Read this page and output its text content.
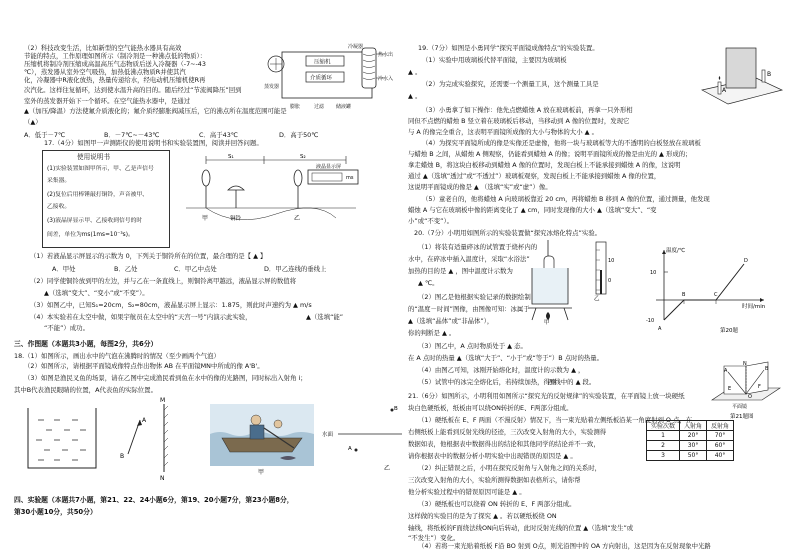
（2）科技改变生活，比如新型的空气能热水器具有高效
节能的特点，工作原理如图所示（制冷剂是一种沸点低的物质）：
压缩机将制冷剂压缩成高温高压气态物质后送入冷凝器（-7~-43
℃），蒸发器从室外空气吸热，加热低沸点物质R并使其汽
化，冷凝器中R液化放热，热量传递给水，经电动机压缩机使R再
次汽化。这样往复循环，达到使水温升高的目的。随后经过“节流阀降压”回到
室外的蒸发器开始下一个循环。在空气能热水器中，是通过
▲（加压/降温）方法使氟介质液化的；氟介质经膨胀阀减压后，它的沸点所在温度范围可能是
（▲）
A．低于－7℃	B．－7℃~－43℃	C．高于43℃	D．高于50℃
压缩机
介质循环
热水出
冷水入
蒸发器
冷凝器
膨胀	过滤 储液罐
17.（4分）如图甲一声测距仪的使用说明书和实验装置图，阅读并回答问题。
使用说明书
(1)实验装置如图甲所示，甲、乙是声信号
采集器。
(2)复位后用棒锤敲打铜铃，声音被甲、
乙接收。
(3)液晶屏显示甲、乙接收到信号的时
间差，单位为ms(1ms=10⁻³s)。
S₁	S₂
ms
液晶显示屏
甲	铜铃	乙
（1）若液晶显示屏显示的示数为 0，下列关于铜铃所在的位置，最合理的是【 ▲ 】
A．甲处	B．乙处	C．甲乙中点处	D．甲乙连线的垂线上
（2）同学使铜铃放到甲的左边，并与乙在一条直线上，则铜铃离甲越远，液晶显示屏的数值将
▲（选填“变大”、“变小”或“不变”）。
（3）如图乙中，已知S₁=20cm，S₂=80cm，液晶显示屏上显示：1.875，则此时声速约为 ▲ m/s
（4）本实验若在太空中做，如果宇航员在太空中的“天宫一号”内演示此实验，	▲（选填“能”
“不能”）成功。
三、作图题（本题共3小题，每图2分，共6分）
18.（1）如图所示，画出水中的气泡在沸腾时的情况（至少画两个气泡）
（2）如图所示，请根据平面镜成像特点作出物体 AB 在平面镜MN中所成的像 A'B'。
（3）如图是渔民叉鱼的场景，请在乙图中完成渔民看到鱼在水中的像的光路图，同时标出入射角 i；
其中B代表渔民眼睛的位置，A代表鱼的实际位置。
M
N
A
B
甲
水面
B
A
乙
四、实验题（本题共7小题，第21、22、24小题6分，第19、20小题7分，第23小题8分，
第30小题10分，共50分）
19.（7分）如图是小勇同学“探究平面镜成像特点”的实验装置。
（1）实验中用玻璃板代替平面镜，主要因为玻璃板
▲ 。
（2）为完成实验探究，还需要一个测量工具，这个测量工具是
▲ 。
（3）小勇拿了如下操作：他先点燃蜡烛 A 放在玻璃板前，再拿一只外形相
同但不点燃的蜡烛 B 竖立着在玻璃板后移动，当移动到 A 像的位置时，发现它
与 A 的像完全重合，这表明平面镜所成像的大小与物体的大小 ▲ 。
（4）为探究平面镜所成的像是实像还是虚像，他将一块与玻璃板等大的不透明的白板竖放在玻璃板
与蜡烛 B 之间，从蜡烛 A 侧观察，仍能看到蜡烛 A 的像；说明平面镜所成的像是由光的 ▲ 形成的；
拿走蜡烛 B，将这块白板移动到蜡烛 A 像的位置时，发现白板上不能承接到蜡烛 A 的像，这说明
通过 ▲（选填“透过”或“不透过”）玻璃板观察，发现白板上不能承接到蜡烛 A 像的位置，
这说明平面镜成的像是 ▲ （选填“实”或“虚”）像。
（5）童老自的，他将蜡烛 A 向玻璃板靠近 20 cm，再将蜡烛 B 移到 A 像的位置，通过测量，他发现
蜡烛 A 与它在玻璃板中像的距离变化了 ▲ cm，同时发现像的大小 ▲（选填“变大”、“变
小”或“不变”）。
A
B
20.（7分）小明用如图所示的实验装置做“探究冰熔化特点”实验。
（1）将装有适量碎冰的试管置于烧杯内的
水中，在碎冰中插入温度计，采取“水浴法”
加热的目的是 ▲ ，图中温度计示数为
▲ ℃。
（2）图乙是他根据实验记录的数据绘制
的“温度－时间”图像，由图像可知：冰属于
▲（选填“晶体”或“非晶体”），
你的判断是 ▲ 。
（3）图乙中，A 点时物质处于 ▲ 态。
在 A 点时的热量 ▲（选填“大于”、“小于”或“等于”）B 点时的热量。
（4）由图乙可知，冰刚开始熔化时，温度计的示数为 ▲ ，
（5）试管中的冰完全熔化后，若持续加热，得到
图线中的 ▲ 段。
甲
10
0
乙
温度/℃
时间/min
10
-10
A
B	C
D
第20题
21.（6分）如图所示，小明利用如图所示“探究光的反射规律”的实验装置，在平面镜上放一块硬纸
块白色硬纸板，纸板由可以绕ON转折的E、F两部分组成。
（1）硬纸板在 E、F 两面（不漫反射）情况下，当一束光贴着左侧纸板沿某一角度射到 O 点，在
右侧纸板上能看到反射光线的径迹，三次改变入射角的大小，实验测得
数据如表，他根据表中数据得出的结论和其他同学的结论并不一致，
请你根据表中的数据分析小明实验中出现错误的原因是 ▲ 。
（2）纠正错误之后，小明在探究反射角与入射角之间的关系时，
三次改变入射角的大小，实验所测得数据如表格所示，请你帮
他分析实验过程中的错误原因可能是 ▲ 。
（3）硬纸板也可以绕着 ON 转折的 E、F 两部分组成。
这样做的实验目的是为了探究 ▲ 。若以硬纸板绕 ON
轴线，将纸板的F面绕法线ON向后转动，此时反射光线的位置 ▲（选填“发生”或
“不发生”）变化。
（4）若将一束光贴着纸板 F沿 BO 射到 O点，则光沿图中的 OA 方向射出，这是因为在反射现象中光路
A	B
E	F
N
O
平面镜
第21题图
实验次数	入射角	反射角
1	20°	70°
2	30°	60°
3	50°	40°
